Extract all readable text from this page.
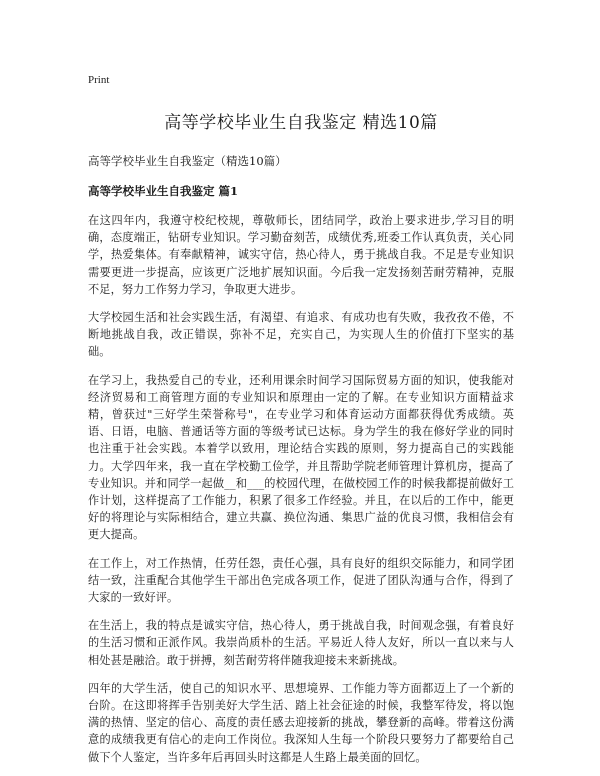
Print
高等学校毕业生自我鉴定 精选10篇
高等学校毕业生自我鉴定（精选10篇）
高等学校毕业生自我鉴定 篇1

在这四年内，我遵守校纪校规，尊敬师长，团结同学，政治上要求进步,学习目的明确，态度端正，钻研专业知识。学习勤奋刻苦，成绩优秀,班委工作认真负责，关心同学，热爱集体。有奉献精神，诚实守信，热心待人，勇于挑战自我。不足是专业知识需要更进一步提高，应该更广泛地扩展知识面。今后我一定发扬刻苦耐劳精神，克服不足，努力工作努力学习，争取更大进步。

大学校园生活和社会实践生活，有渴望、有追求、有成功也有失败，我孜孜不倦，不断地挑战自我，改正错误，弥补不足，充实自己，为实现人生的价值打下坚实的基础。

在学习上，我热爱自己的专业，还利用课余时间学习国际贸易方面的知识，使我能对经济贸易和工商管理方面的专业知识和原理由一定的了解。在专业知识方面精益求精，曾获过"三好学生荣誉称号"，在专业学习和体育运动方面都获得优秀成绩。英语、日语，电脑、普通话等方面的等级考试已达标。身为学生的我在修好学业的同时也注重于社会实践。本着学以致用，理论结合实践的原则，努力提高自己的实践能力。大学四年来，我一直在学校勤工俭学，并且帮助学院老师管理计算机房，提高了专业知识。并和同学一起做__和___的校园代理，在做校园工作的时候我都提前做好工作计划，这样提高了工作能力，积累了很多工作经验。并且，在以后的工作中，能更好的将理论与实际相结合，建立共赢、换位沟通、集思广益的优良习惯，我相信会有更大提高。

在工作上，对工作热情，任劳任怨，责任心强，具有良好的组织交际能力，和同学团结一致，注重配合其他学生干部出色完成各项工作，促进了团队沟通与合作，得到了大家的一致好评。

在生活上，我的特点是诚实守信，热心待人，勇于挑战自我，时间观念强，有着良好的生活习惯和正派作风。我崇尚质朴的生活。平易近人待人友好，所以一直以来与人相处甚是融洽。敢于拼搏，刻苦耐劳将伴随我迎接未来新挑战。

四年的大学生活，使自己的知识水平、思想境界、工作能力等方面都迈上了一个新的台阶。在这即将挥手告别美好大学生活、踏上社会征途的时候，我整军待发，将以饱满的热情、坚定的信心、高度的责任感去迎接新的挑战，攀登新的高峰。带着这份满意的成绩我更有信心的走向工作岗位。我深知人生每一个阶段只要努力了都要给自己做下个人鉴定，当许多年后再回头时这都是人生路上最美面的回忆。
